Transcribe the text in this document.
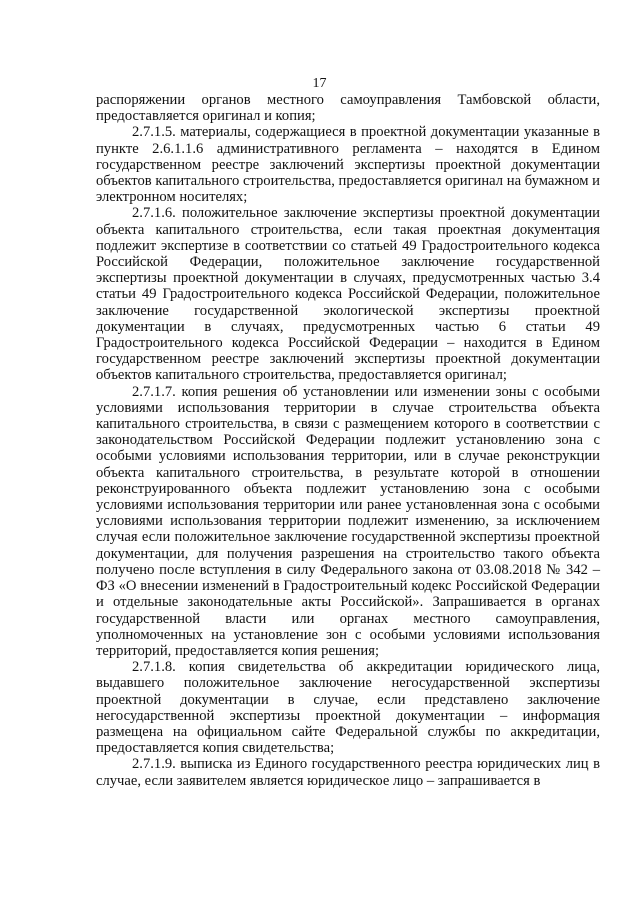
17

распоряжении органов местного самоуправления Тамбовской области, предоставляется оригинал и копия;

2.7.1.5. материалы, содержащиеся в проектной документации указанные в пункте 2.6.1.1.6 административного регламента – находятся в Едином государственном реестре заключений экспертизы проектной документации объектов капитального строительства, предоставляется оригинал на бумажном и электронном носителях;

2.7.1.6. положительное заключение экспертизы проектной документации объекта капитального строительства, если такая проектная документация подлежит экспертизе в соответствии со статьей 49 Градостроительного кодекса Российской Федерации, положительное заключение государственной экспертизы проектной документации в случаях, предусмотренных частью 3.4 статьи 49 Градостроительного кодекса Российской Федерации, положительное заключение государственной экологической экспертизы проектной документации в случаях, предусмотренных частью 6 статьи 49 Градостроительного кодекса Российской Федерации – находится в Едином государственном реестре заключений экспертизы проектной документации объектов капитального строительства, предоставляется оригинал;

2.7.1.7. копия решения об установлении или изменении зоны с особыми условиями использования территории в случае строительства объекта капитального строительства, в связи с размещением которого в соответствии с законодательством Российской Федерации подлежит установлению зона с особыми условиями использования территории, или в случае реконструкции объекта капитального строительства, в результате которой в отношении реконструированного объекта подлежит установлению зона с особыми условиями использования территории или ранее установленная зона с особыми условиями использования территории подлежит изменению, за исключением случая если положительное заключение государственной экспертизы проектной документации, для получения разрешения на строительство такого объекта получено после вступления в силу Федерального закона от 03.08.2018 № 342 – ФЗ «О внесении изменений в Градостроительный кодекс Российской Федерации и отдельные законодательные акты Российской». Запрашивается в органах государственной власти или органах местного самоуправления, уполномоченных на установление зон с особыми условиями использования территорий, предоставляется копия решения;

2.7.1.8. копия свидетельства об аккредитации юридического лица, выдавшего положительное заключение негосударственной экспертизы проектной документации в случае, если представлено заключение негосударственной экспертизы проектной документации – информация размещена на официальном сайте Федеральной службы по аккредитации, предоставляется копия свидетельства;

2.7.1.9. выписка из Единого государственного реестра юридических лиц в случае, если заявителем является юридическое лицо – запрашивается в
